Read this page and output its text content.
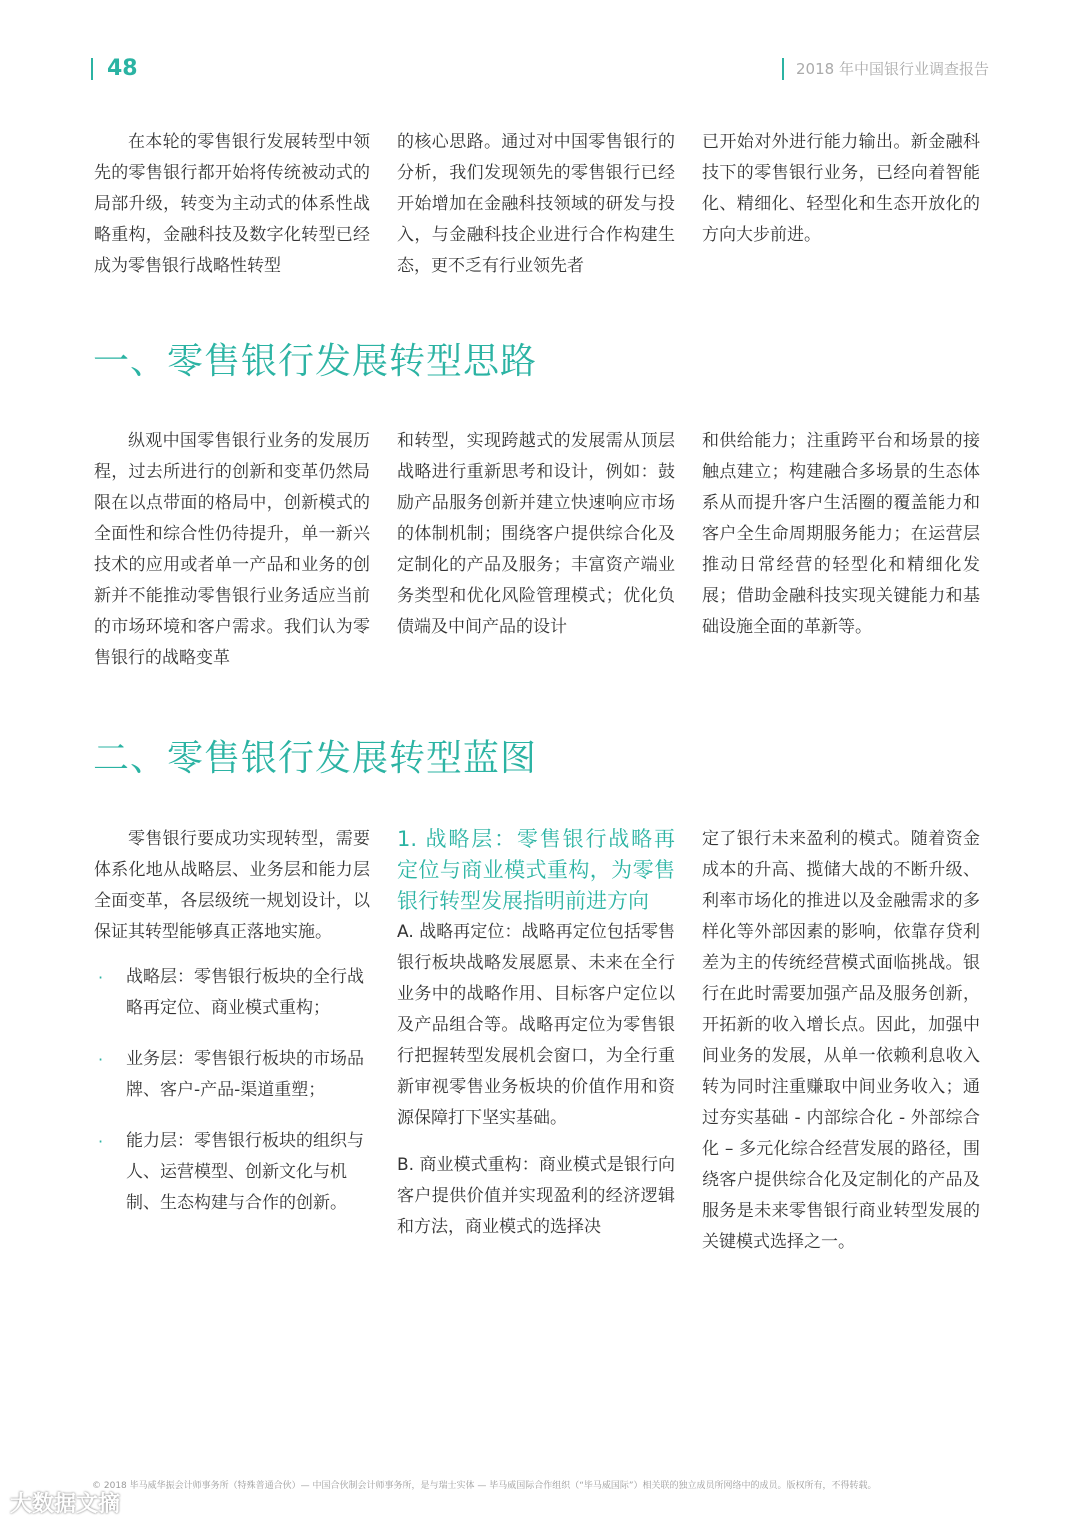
48	2018 年中国银行业调查报告

在本轮的零售银行发展转型中领先的零售银行都开始将传统被动式的局部升级，转变为主动式的体系性战略重构，金融科技及数字化转型已经成为零售银行战略性转型

的核心思路。通过对中国零售银行的分析，我们发现领先的零售银行已经开始增加在金融科技领域的研发与投入，与金融科技企业进行合作构建生态，更不乏有行业领先者

已开始对外进行能力输出。新金融科技下的零售银行业务，已经向着智能化、精细化、轻型化和生态开放化的方向大步前进。

一、零售银行发展转型思路

纵观中国零售银行业务的发展历程，过去所进行的创新和变革仍然局限在以点带面的格局中，创新模式的全面性和综合性仍待提升，单一新兴技术的应用或者单一产品和业务的创新并不能推动零售银行业务适应当前的市场环境和客户需求。我们认为零售银行的战略变革

和转型，实现跨越式的发展需从顶层战略进行重新思考和设计，例如：鼓励产品服务创新并建立快速响应市场的体制机制；围绕客户提供综合化及定制化的产品及服务；丰富资产端业务类型和优化风险管理模式；优化负债端及中间产品的设计

和供给能力；注重跨平台和场景的接触点建立；构建融合多场景的生态体系从而提升客户生活圈的覆盖能力和客户全生命周期服务能力；在运营层推动日常经营的轻型化和精细化发展；借助金融科技实现关键能力和基础设施全面的革新等。

二、零售银行发展转型蓝图

零售银行要成功实现转型，需要体系化地从战略层、业务层和能力层全面变革，各层级统一规划设计，以保证其转型能够真正落地实施。

· 战略层：零售银行板块的全行战略再定位、商业模式重构；
· 业务层：零售银行板块的市场品牌、客户-产品-渠道重塑；
· 能力层：零售银行板块的组织与人、运营模型、创新文化与机制、生态构建与合作的创新。

1. 战略层：零售银行战略再定位与商业模式重构，为零售银行转型发展指明前进方向

A. 战略再定位：战略再定位包括零售银行板块战略发展愿景、未来在全行业务中的战略作用、目标客户定位以及产品组合等。战略再定位为零售银行把握转型发展机会窗口，为全行重新审视零售业务板块的价值作用和资源保障打下坚实基础。

B. 商业模式重构：商业模式是银行向客户提供价值并实现盈利的经济逻辑和方法，商业模式的选择决

定了银行未来盈利的模式。随着资金成本的升高、揽储大战的不断升级、利率市场化的推进以及金融需求的多样化等外部因素的影响，依靠存贷利差为主的传统经营模式面临挑战。银行在此时需要加强产品及服务创新，开拓新的收入增长点。因此，加强中间业务的发展，从单一依赖利息收入转为同时注重赚取中间业务收入；通过夯实基础 - 内部综合化 - 外部综合化 – 多元化综合经营发展的路径，围绕客户提供综合化及定制化的产品及服务是未来零售银行商业转型发展的关键模式选择之一。

© 2018 毕马威华振会计师事务所（特殊普通合伙）— 中国合伙制会计师事务所，是与瑞士实体 — 毕马威国际合作组织（“毕马威国际”）相关联的独立成员所网络中的成员。版权所有，不得转载。
大数据文摘
